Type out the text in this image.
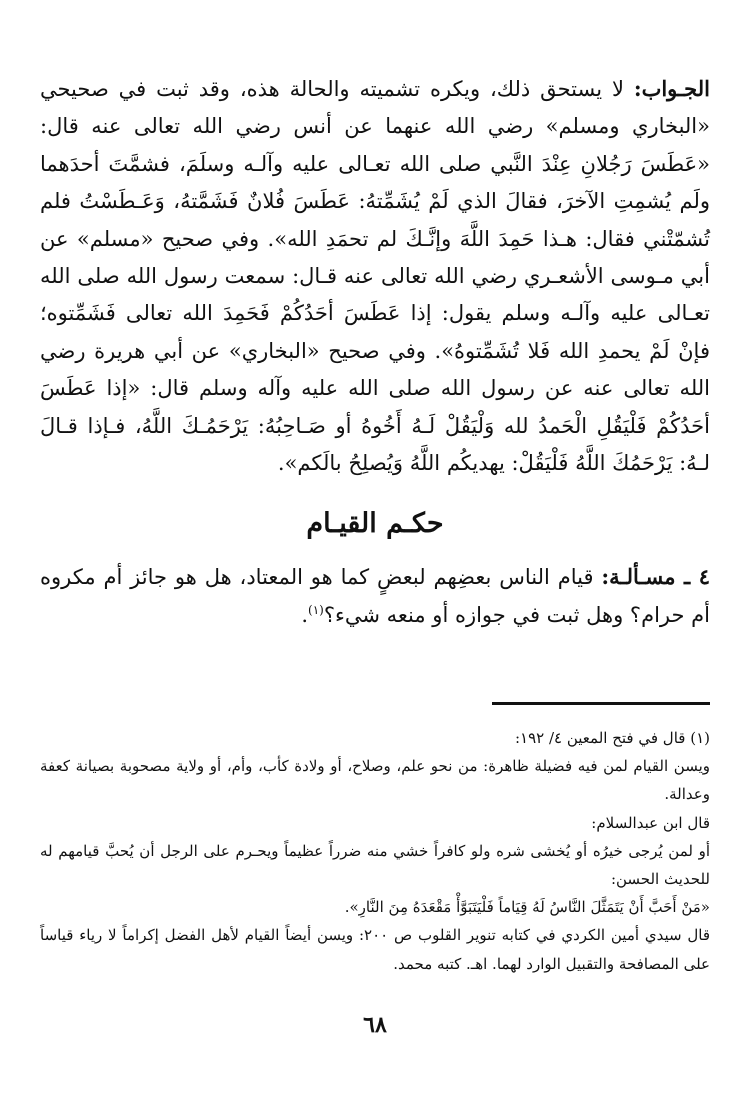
الجـواب: لا يستحق ذلك، ويكره تشميته والحالة هذه، وقد ثبت في صحيحي «البخاري ومسلم» رضي الله عنهما عن أنس رضي الله تعالى عنه قال: «عَطَسَ رَجُلانِ عِنْدَ النَّبي صلى الله تعـالى عليه وآلـه وسلَمَ، فشمَّتَ أحدَهما ولَم يُشمِتِ الآخرَ، فقالَ الذي لَمْ يُشَمِّتهُ: عَطَسَ فُلانٌ فَشَمَّتهُ، وَعَـطَسْتُ فلم تُشمّتْني فقال: هـذا حَمِدَ اللَّهَ وإنَّـكَ لم تحمَدِ الله». وفي صحيح «مسلم» عن أبي مـوسى الأشعـري رضي الله تعالى عنه قـال: سمعت رسول الله صلى الله تعـالى عليه وآلـه وسلم يقول: إذا عَطَسَ أحَدُكُمْ فَحَمِدَ الله تعالى فَشَمِّتوه؛ فإنْ لَمْ يحمدِ الله فَلا تُشَمِّتوهُ». وفي صحيح «البخاري» عن أبي هريرة رضي الله تعالى عنه عن رسول الله صلى الله عليه وآله وسلم قال: «إذا عَطَسَ أحَدُكُمْ فَلْيَقُلِ الْحَمدُ لله وَلْيَقُلْ لَـهُ أَخُوهُ أو صَـاحِبُهُ: يَرْحَمُـكَ اللَّهُ، فـإذا قـالَ لـهُ: يَرْحَمُكَ اللَّهُ فَلْيَقُلْ: يهديكُم اللَّهُ وَيُصلِحُ بالَكم».

حكـم القيـام

٤ ـ مسـألـة: قيام الناس بعضِهم لبعضٍ كما هو المعتاد، هل هو جائز أم مكروه أم حرام؟ وهل ثبت في جوازه أو منعه شيء؟$^{(١)}$.

(١) قال في فتح المعين ٤/ ١٩٢:

ويسن القيام لمن فيه فضيلة ظاهرة: من نحو علم، وصلاح، أو ولادة كأب، وأم، أو ولاية مصحوبة بصيانة كعفة وعدالة.

قال ابن عبدالسلام:

أو لمن يُرجى خيرُه أو يُخشى شره ولو كافراً خشي منه ضرراً عظيماً ويحـرم على الرجل أن يُحبَّ قيامهم له للحديث الحسن:

«مَنْ أَحَبَّ أَنْ يَتَمَثَّلَ النَّاسُ لَهُ قِيَاماً فَلْيَتَبَوَّأْ مَقْعَدَهُ مِنَ النَّارِ».

قال سيدي أمين الكردي في كتابه تنوير القلوب ص ٢٠٠: ويسن أيضاً القيام لأهل الفضل إكراماً لا رياء قياساً على المصافحة والتقبيل الوارد لهما. اهـ. كتبه محمد.

٦٨
